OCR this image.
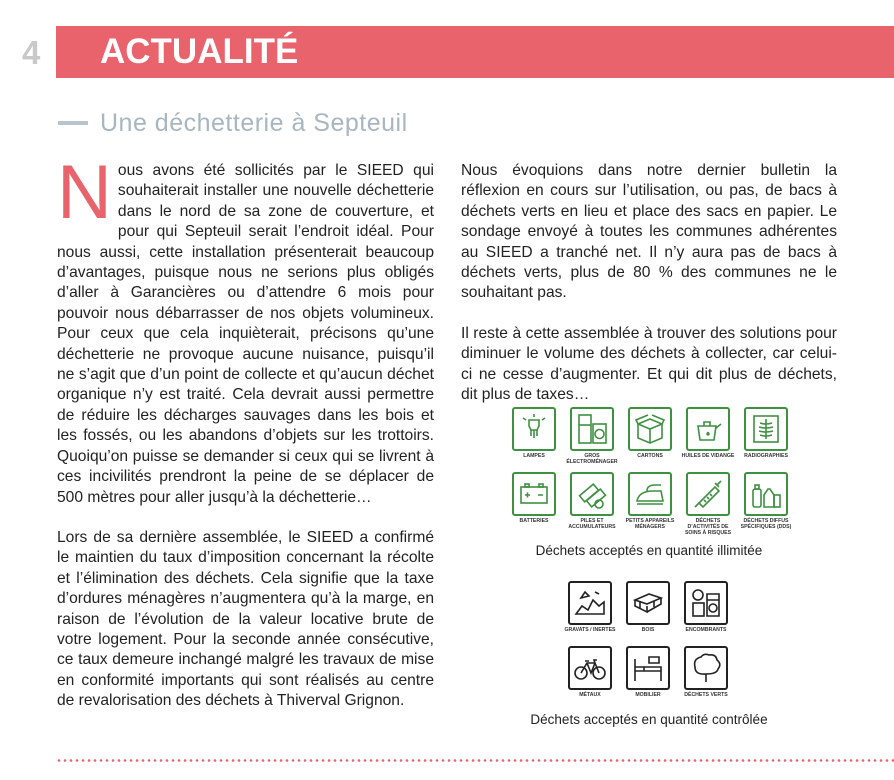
4	ACTUALITÉ
Une déchetterie à Septeuil

Nous avons été sollicités par le SIEED qui souhaiterait installer une nouvelle déchetterie dans le nord de sa zone de couverture, et pour qui Septeuil serait l’endroit idéal. Pour nous aussi, cette installation présenterait beaucoup d’avantages, puisque nous ne serions plus obligés d’aller à Garancières ou d’attendre 6 mois pour pouvoir nous débarrasser de nos objets volumineux. Pour ceux que cela inquièterait, précisons qu’une déchetterie ne provoque aucune nuisance, puisqu’il ne s’agit que d’un point de collecte et qu’aucun déchet organique n’y est traité. Cela devrait aussi permettre de réduire les décharges sauvages dans les bois et les fossés, ou les abandons d’objets sur les trottoirs. Quoiqu’on puisse se demander si ceux qui se livrent à ces incivilités prendront la peine de se déplacer de 500 mètres pour aller jusqu’à la déchetterie…

Lors de sa dernière assemblée, le SIEED a confirmé le maintien du taux d’imposition concernant la récolte et l’élimination des déchets. Cela signifie que la taxe d’ordures ménagères n’augmentera qu’à la marge, en raison de l’évolution de la valeur locative brute de votre logement. Pour la seconde année consécutive, ce taux demeure inchangé malgré les travaux de mise en conformité importants qui sont réalisés au centre de revalorisation des déchets à Thiverval Grignon.

Nous évoquions dans notre dernier bulletin la réflexion en cours sur l’utilisation, ou pas, de bacs à déchets verts en lieu et place des sacs en papier. Le sondage envoyé à toutes les communes adhérentes au SIEED a tranché net. Il n’y aura pas de bacs à déchets verts, plus de 80 % des communes ne le souhaitant pas.

Il reste à cette assemblée à trouver des solutions pour diminuer le volume des déchets à collecter, car celui-ci ne cesse d’augmenter. Et qui dit plus de déchets, dit plus de taxes…

LAMPES	GROS ÉLECTROMÉNAGER
CARTONS	HUILES DE VIDANGE	RADIOGRAPHIES
BATTERIES	PILES ET ACCUMULATEURS
PETITS APPAREILS MÉNAGERS
DÉCHETS D’ACTIVITÉS DE SOINS À RISQUES
DÉCHETS DIFFUS SPÉCIFIQUES (DDS)
Déchets acceptés en quantité illimitée
GRAVATS / INERTES	BOIS	ENCOMBRANTS
MÉTAUX	MOBILIER	DÉCHETS VERTS
Déchets acceptés en quantité contrôlée
